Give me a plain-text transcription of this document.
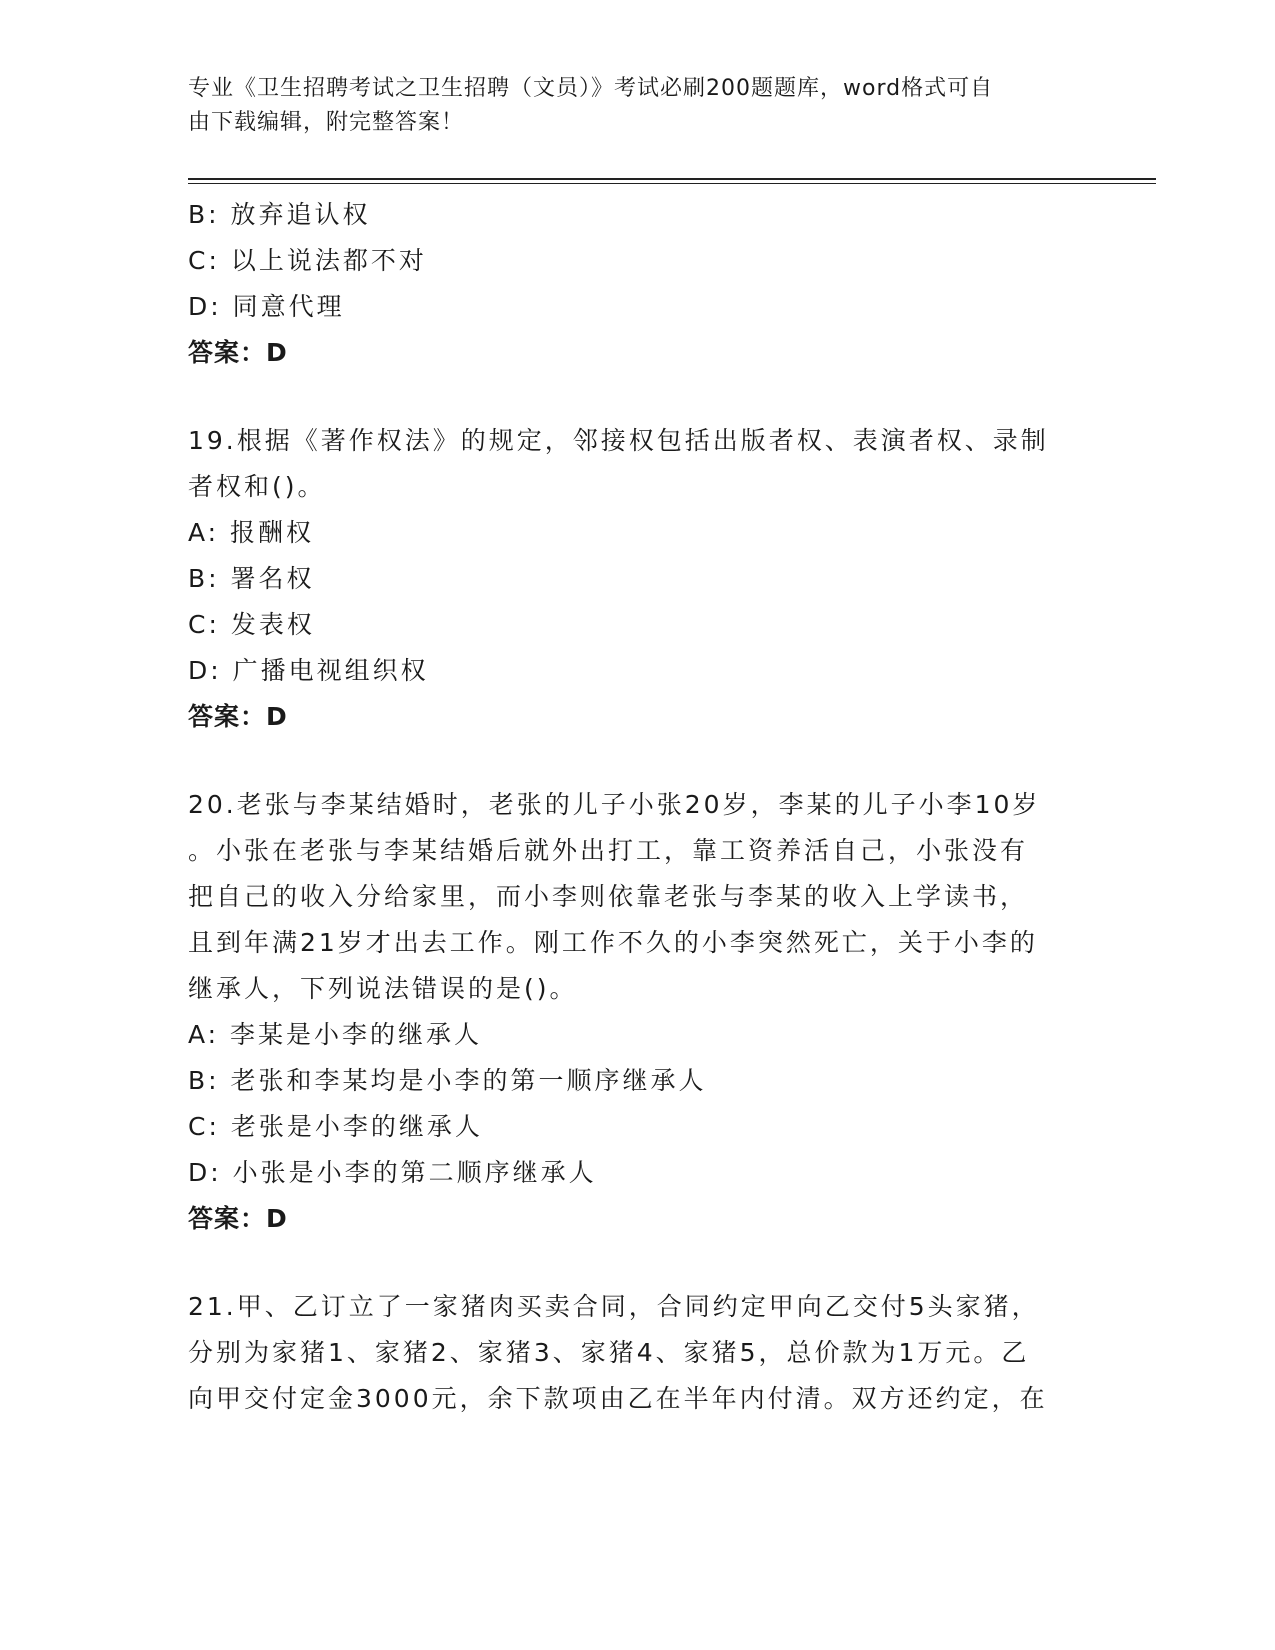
专业《卫生招聘考试之卫生招聘（文员）》考试必刷200题题库，word格式可自
由下载编辑，附完整答案！
B: 放弃追认权
C: 以上说法都不对
D: 同意代理
答案：D
19.根据《著作权法》的规定，邻接权包括出版者权、表演者权、录制
者权和()。
A: 报酬权
B: 署名权
C: 发表权
D: 广播电视组织权
答案：D
20.老张与李某结婚时，老张的儿子小张20岁，李某的儿子小李10岁
。小张在老张与李某结婚后就外出打工，靠工资养活自己，小张没有
把自己的收入分给家里，而小李则依靠老张与李某的收入上学读书，
且到年满21岁才出去工作。刚工作不久的小李突然死亡，关于小李的
继承人，下列说法错误的是()。
A: 李某是小李的继承人
B: 老张和李某均是小李的第一顺序继承人
C: 老张是小李的继承人
D: 小张是小李的第二顺序继承人
答案：D
21.甲、乙订立了一家猪肉买卖合同，合同约定甲向乙交付5头家猪，
分别为家猪1、家猪2、家猪3、家猪4、家猪5，总价款为1万元。乙
向甲交付定金3000元，余下款项由乙在半年内付清。双方还约定，在
